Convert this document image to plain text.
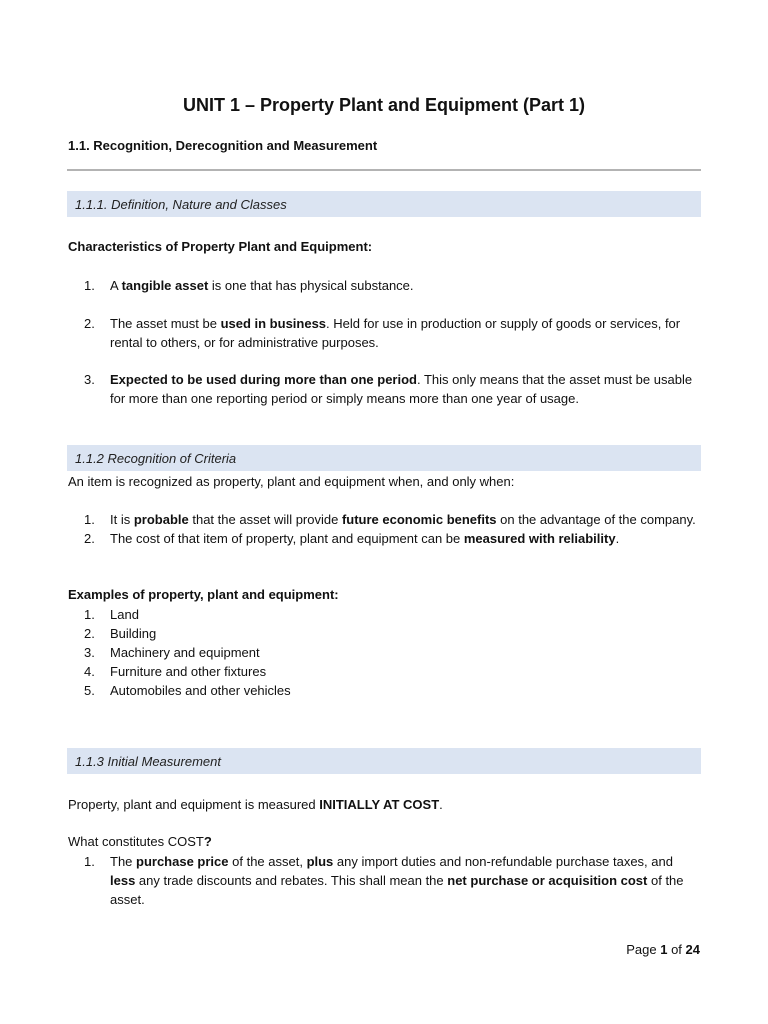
UNIT 1 – Property Plant and Equipment (Part 1)
1.1. Recognition, Derecognition and Measurement
1.1.1. Definition, Nature and Classes
Characteristics of Property Plant and Equipment:
1. A tangible asset is one that has physical substance.
2. The asset must be used in business. Held for use in production or supply of goods or services, for rental to others, or for administrative purposes.
3. Expected to be used during more than one period. This only means that the asset must be usable for more than one reporting period or simply means more than one year of usage.
1.1.2 Recognition of Criteria
An item is recognized as property, plant and equipment when, and only when:
1. It is probable that the asset will provide future economic benefits on the advantage of the company.
2. The cost of that item of property, plant and equipment can be measured with reliability.
Examples of property, plant and equipment:
1. Land
2. Building
3. Machinery and equipment
4. Furniture and other fixtures
5. Automobiles and other vehicles
1.1.3 Initial Measurement
Property, plant and equipment is measured INITIALLY AT COST.
What constitutes COST?
1. The purchase price of the asset, plus any import duties and non-refundable purchase taxes, and less any trade discounts and rebates. This shall mean the net purchase or acquisition cost of the asset.
Page 1 of 24
